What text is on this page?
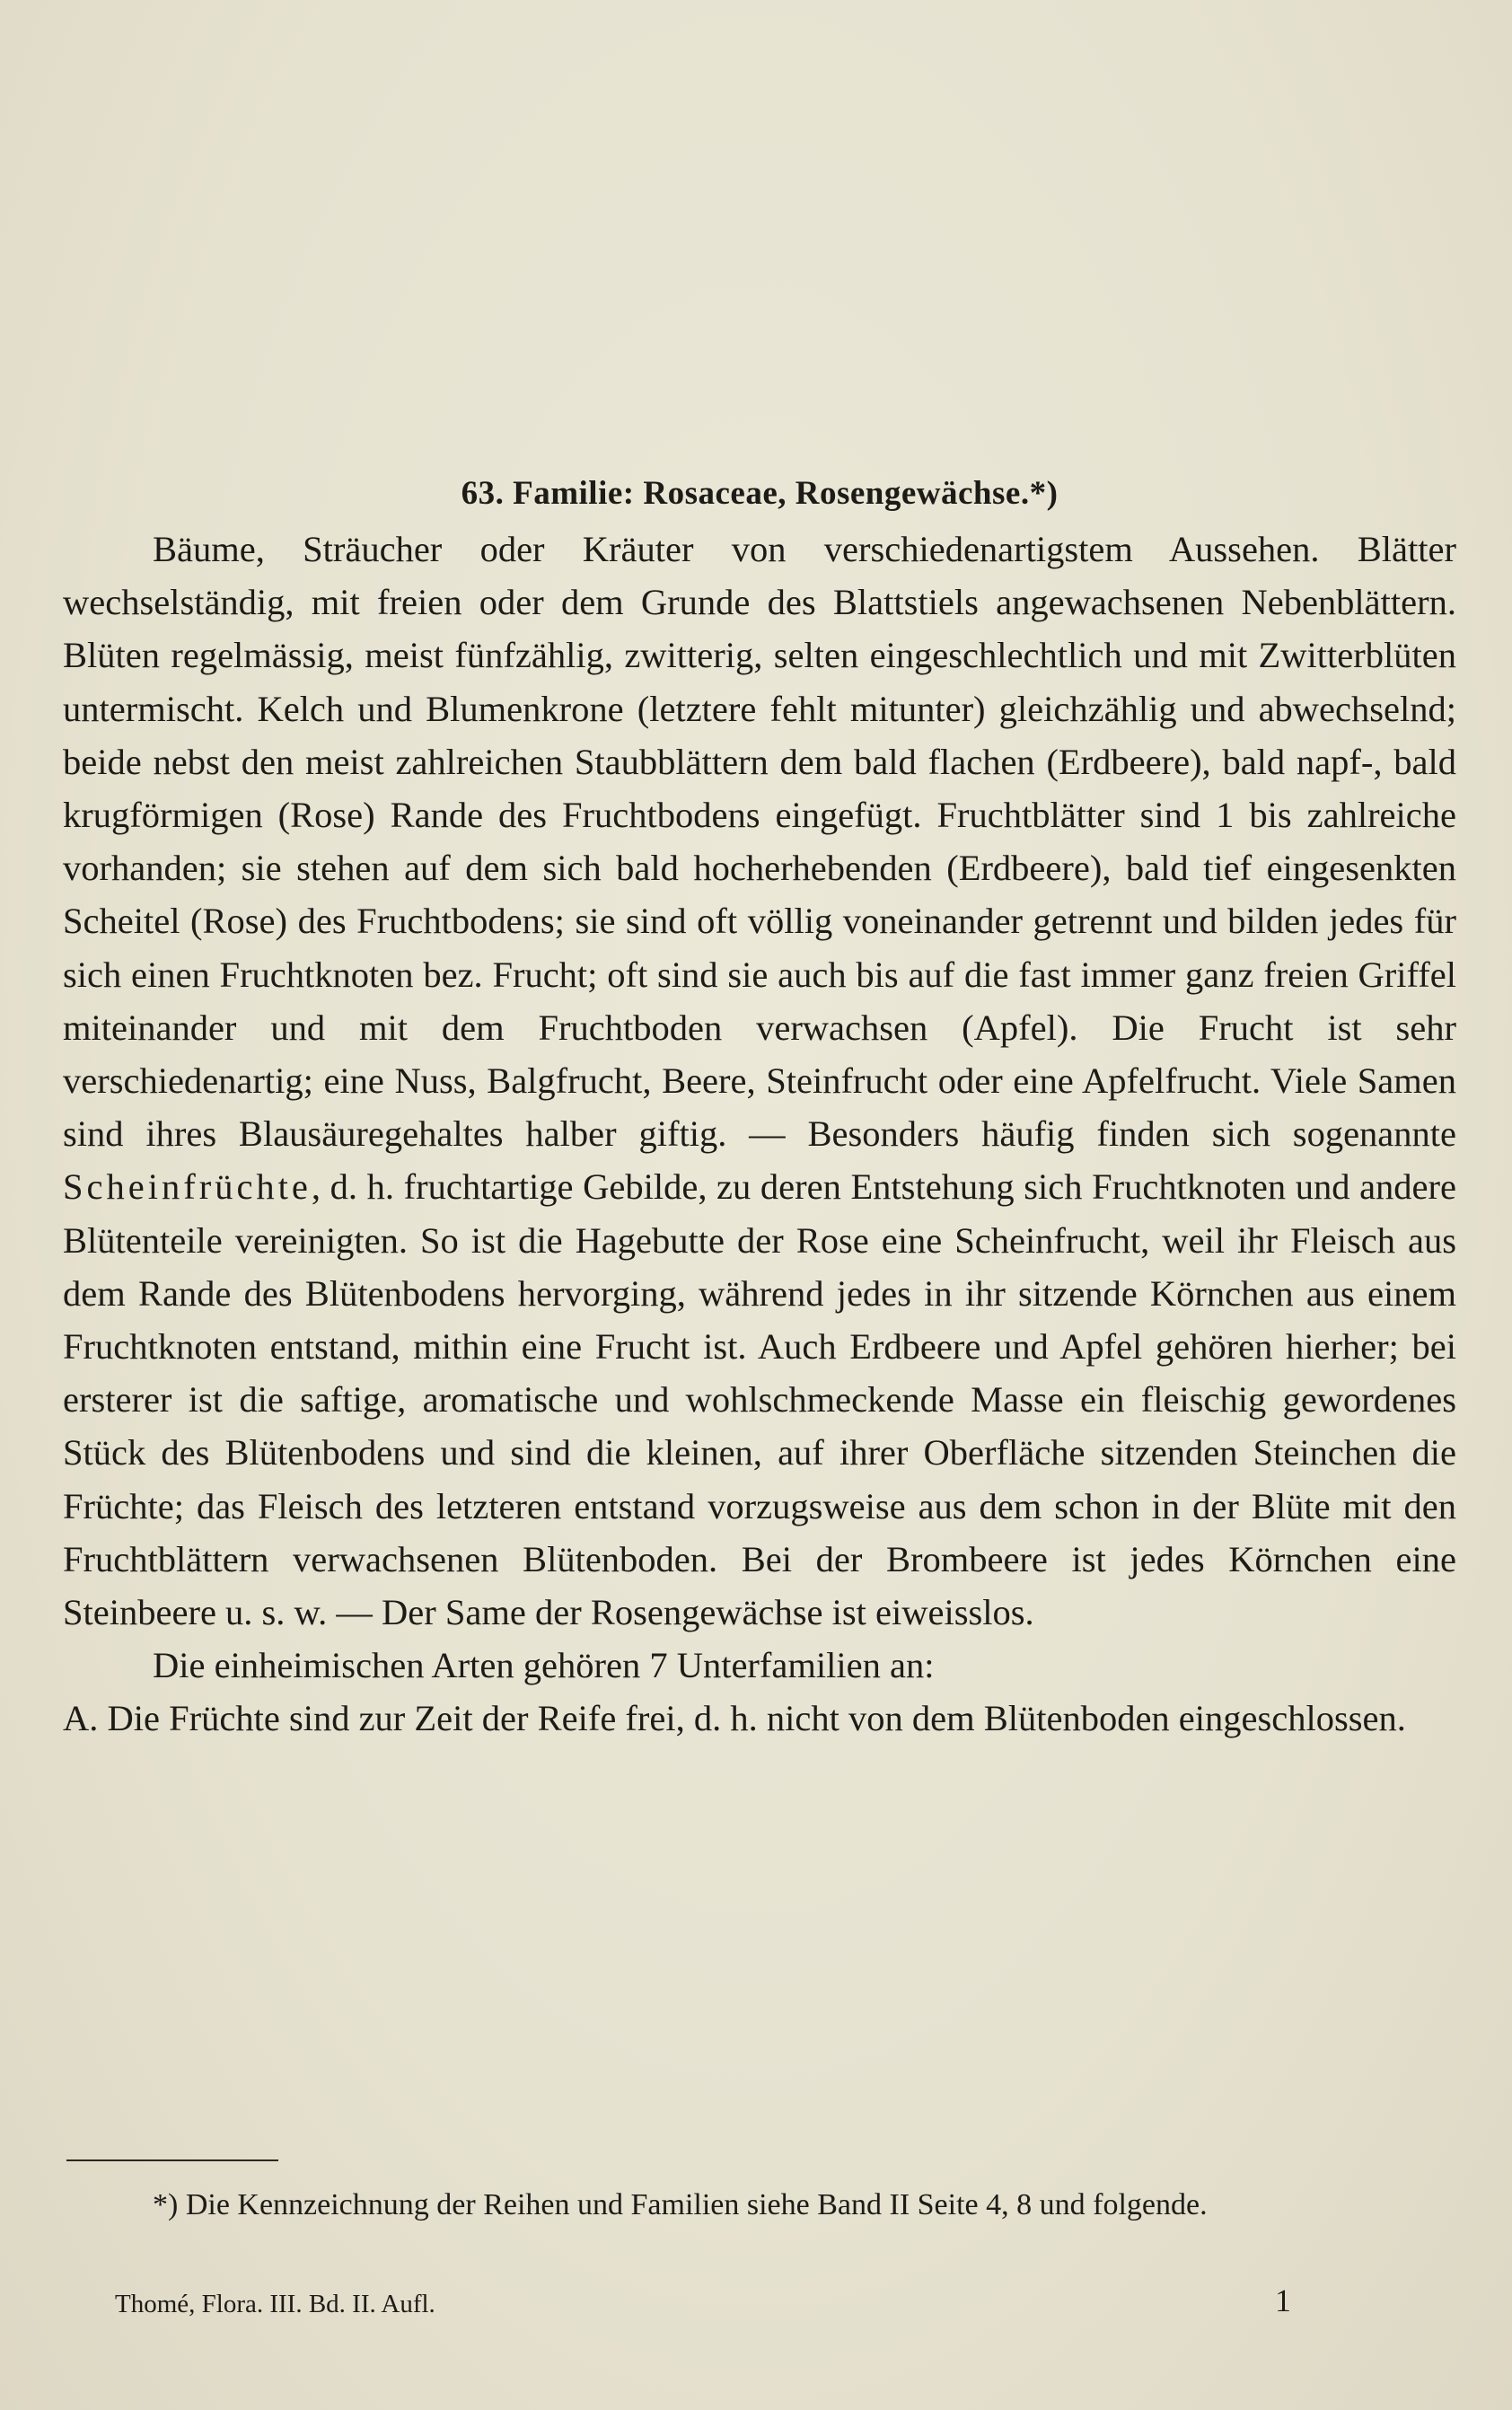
63. Familie: Rosaceae, Rosengewächse.*)

Bäume, Sträucher oder Kräuter von verschiedenartigstem Aussehen. Blätter wechselständig, mit freien oder dem Grunde des Blattstiels angewachsenen Nebenblättern. Blüten regelmässig, meist fünfzählig, zwitterig, selten eingeschlechtlich und mit Zwitterblüten untermischt. Kelch und Blumenkrone (letztere fehlt mitunter) gleichzählig und abwechselnd; beide nebst den meist zahlreichen Staubblättern dem bald flachen (Erdbeere), bald napf-, bald krugförmigen (Rose) Rande des Fruchtbodens eingefügt. Fruchtblätter sind 1 bis zahlreiche vorhanden; sie stehen auf dem sich bald hocherhebenden (Erdbeere), bald tief eingesenkten Scheitel (Rose) des Fruchtbodens; sie sind oft völlig voneinander getrennt und bilden jedes für sich einen Fruchtknoten bez. Frucht; oft sind sie auch bis auf die fast immer ganz freien Griffel miteinander und mit dem Fruchtboden verwachsen (Apfel). Die Frucht ist sehr verschiedenartig; eine Nuss, Balgfrucht, Beere, Steinfrucht oder eine Apfelfrucht. Viele Samen sind ihres Blausäuregehaltes halber giftig. — Besonders häufig finden sich sogenannte Scheinfrüchte, d. h. fruchtartige Gebilde, zu deren Entstehung sich Fruchtknoten und andere Blütenteile vereinigten. So ist die Hagebutte der Rose eine Scheinfrucht, weil ihr Fleisch aus dem Rande des Blütenbodens hervorging, während jedes in ihr sitzende Körnchen aus einem Fruchtknoten entstand, mithin eine Frucht ist. Auch Erdbeere und Apfel gehören hierher; bei ersterer ist die saftige, aromatische und wohlschmeckende Masse ein fleischig gewordenes Stück des Blütenbodens und sind die kleinen, auf ihrer Oberfläche sitzenden Steinchen die Früchte; das Fleisch des letzteren entstand vorzugsweise aus dem schon in der Blüte mit den Fruchtblättern verwachsenen Blütenboden. Bei der Brombeere ist jedes Körnchen eine Steinbeere u. s. w. — Der Same der Rosengewächse ist eiweisslos.

Die einheimischen Arten gehören 7 Unterfamilien an:

A. Die Früchte sind zur Zeit der Reife frei, d. h. nicht von dem Blütenboden eingeschlossen.

*) Die Kennzeichnung der Reihen und Familien siehe Band II Seite 4, 8 und folgende.

Thomé, Flora. III. Bd. II. Aufl.	1
